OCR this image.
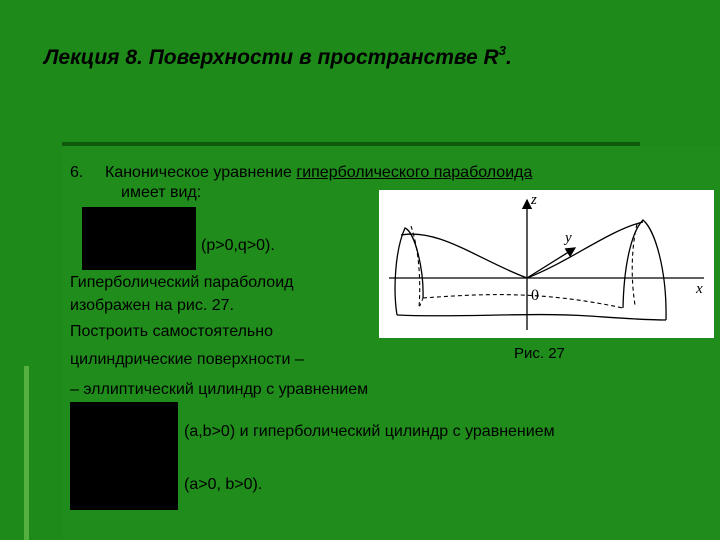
Лекция 8. Поверхности в пространстве $R^3$.
6. Каноническое уравнение гиперболического параболоида
имеет вид:
(p>0,q>0).
Гиперболический параболоид
изображен на рис. 27.
Построить самостоятельно
цилиндрические поверхности –
– эллиптический цилиндр с уравнением
(a,b>0) и гиперболический цилиндр с уравнением
(a>0, b>0).
z
y
x
0
Рис. 27
